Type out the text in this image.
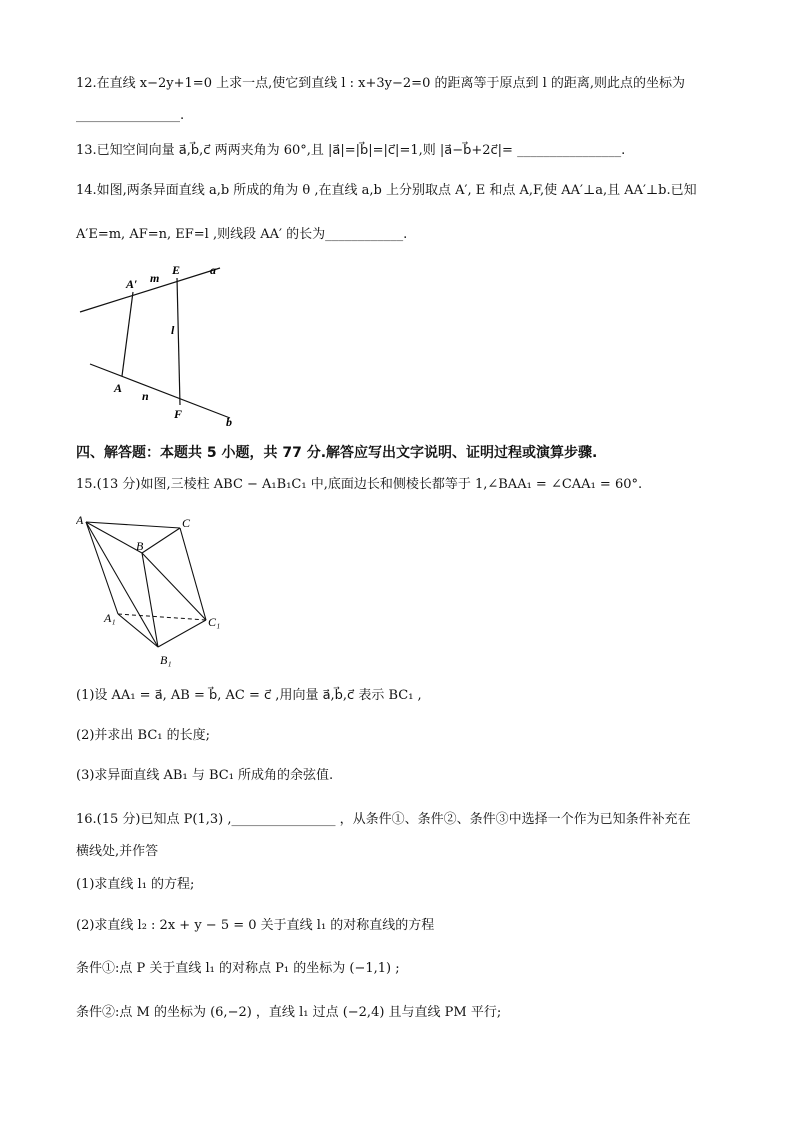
12.在直线 x−2y+1=0 上求一点,使它到直线 l : x+3y−2=0 的距离等于原点到 l 的距离,则此点的坐标为
________________.
13.已知空间向量 a⃗,b⃗,c⃗ 两两夹角为 60°,且 |a⃗|=|b⃗|=|c⃗|=1,则 |a⃗−b⃗+2c⃗|= ________________.
14.如图,两条异面直线 a,b 所成的角为 θ ,在直线 a,b 上分别取点 A′, E 和点 A,F,使 AA′⊥a,且 AA′⊥b.已知
A′E=m, AF=n, EF=l ,则线段 AA′ 的长为____________.
A′ m
E a
l
A
n
F
b
四、解答题：本题共 5 小题，共 77 分.解答应写出文字说明、证明过程或演算步骤.
15.(13 分)如图,三棱柱 ABC − A₁B₁C₁ 中,底面边长和侧棱长都等于 1,∠BAA₁ = ∠CAA₁ = 60°.
A	C
B
A₁	C₁
B₁
(1)设 AA₁ = a⃗, AB = b⃗, AC = c⃗ ,用向量 a⃗,b⃗,c⃗ 表示 BC₁ ,
(2)并求出 BC₁ 的长度;
(3)求异面直线 AB₁ 与 BC₁ 所成角的余弦值.
16.(15 分)已知点 P(1,3) ,________________ ，从条件①、条件②、条件③中选择一个作为已知条件补充在
横线处,并作答
(1)求直线 l₁ 的方程;
(2)求直线 l₂ : 2x + y − 5 = 0 关于直线 l₁ 的对称直线的方程
条件①:点 P 关于直线 l₁ 的对称点 P₁ 的坐标为 (−1,1) ;
条件②:点 M 的坐标为 (6,−2) ，直线 l₁ 过点 (−2,4) 且与直线 PM 平行;
